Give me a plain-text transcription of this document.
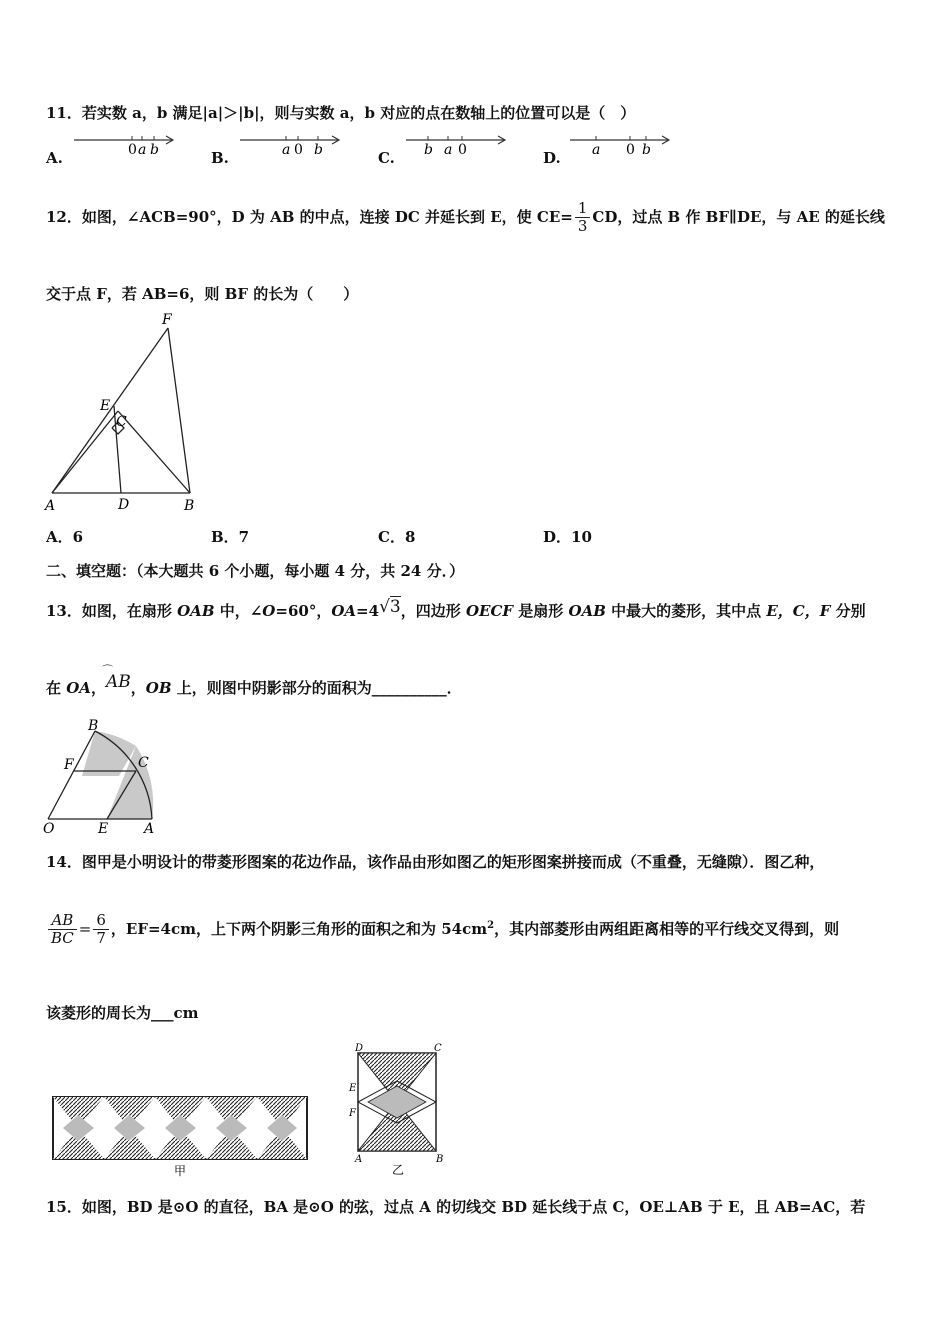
11．若实数 a，b 满足|a|＞|b|，则与实数 a，b 对应的点在数轴上的位置可以是（　）
A.	0 a b	B.	a 0 b	C. b a 0	D. a 0 b
12．如图，∠ACB=90°，D 为 AB 的中点，连接 DC 并延长到 E，使 $CE= \frac{1}{3}$ CD，过点 B 作 BF∥DE，与 AE 的延长线
交于点 F，若 AB=6，则 BF 的长为（　　）
F
E
C
A	D	B
A．6	B．7	C．8	D．10
二、填空题：（本大题共 6 个小题，每小题 4 分，共 24 分．）
13．如图，在扇形 OAB 中，∠O=60°，OA=4√3，四边形 OECF 是扇形 OAB 中最大的菱形，其中点 E，C，F 分别
在 OA，
⌒
AB，OB 上，则图中阴影部分的面积为__________．
B
F	C
O	E	A
14．图甲是小明设计的带菱形图案的花边作品，该作品由形如图乙的矩形图案拼接而成（不重叠，无缝隙）．图乙种，
$\frac{AB}{BC} = \frac{6}{7}$ ，EF=4cm，上下两个阴影三角形的面积之和为 $54cm^2$，其内部菱形由两组距离相等的平行线交叉得到，则
该菱形的周长为___cm
甲
D	C
E
F
A	B
乙
15．如图，BD 是⊙O 的直径，BA 是⊙O 的弦，过点 A 的切线交 BD 延长线于点 C，OE⊥AB 于 E，且 AB=AC，若
